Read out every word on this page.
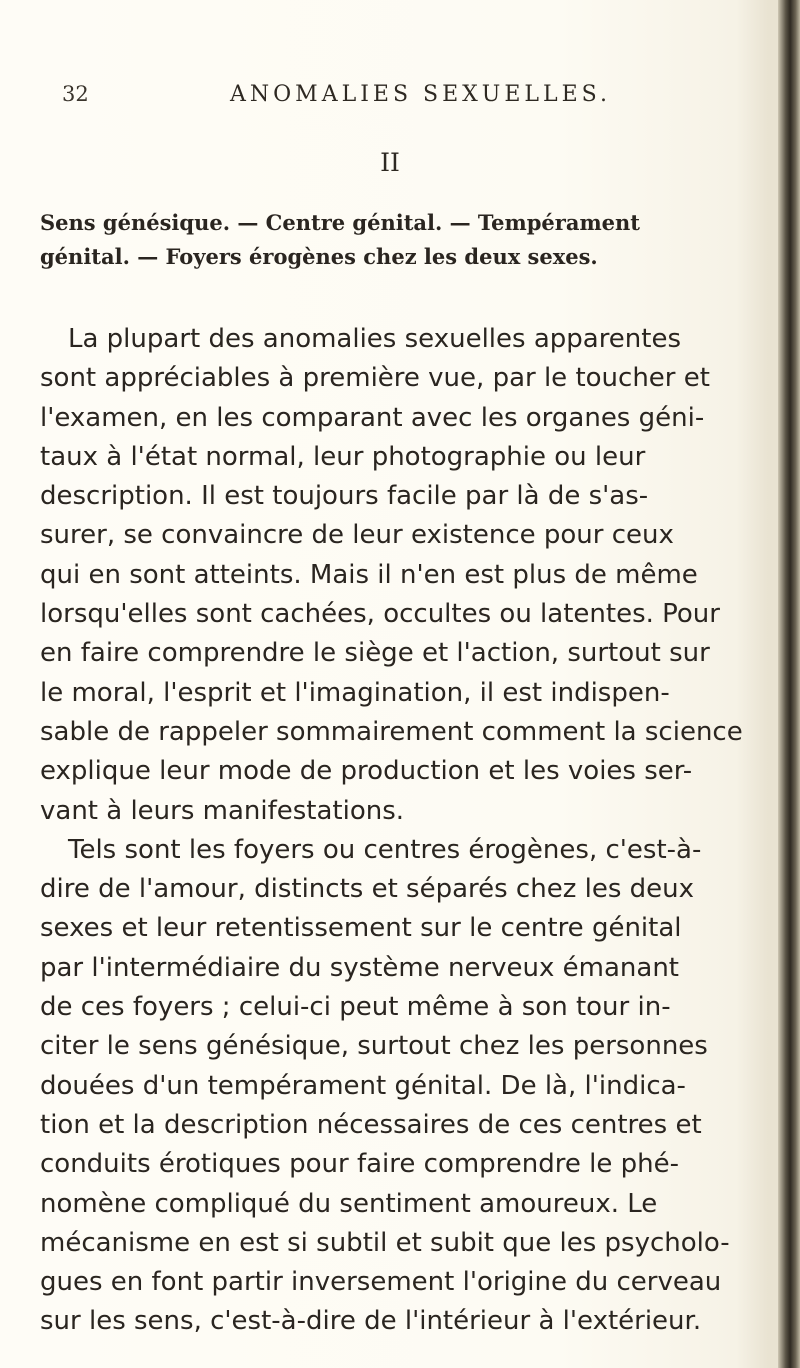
32	ANOMALIES SEXUELLES.
II
Sens génésique. — Centre génital. — Tempérament
génital. — Foyers érogènes chez les deux sexes.
La plupart des anomalies sexuelles apparentes
sont appréciables à première vue, par le toucher et
l'examen, en les comparant avec les organes géni-
taux à l'état normal, leur photographie ou leur
description. Il est toujours facile par là de s'as-
surer, se convaincre de leur existence pour ceux
qui en sont atteints. Mais il n'en est plus de même
lorsqu'elles sont cachées, occultes ou latentes. Pour
en faire comprendre le siège et l'action, surtout sur
le moral, l'esprit et l'imagination, il est indispen-
sable de rappeler sommairement comment la science
explique leur mode de production et les voies ser-
vant à leurs manifestations.
Tels sont les foyers ou centres érogènes, c'est-à-
dire de l'amour, distincts et séparés chez les deux
sexes et leur retentissement sur le centre génital
par l'intermédiaire du système nerveux émanant
de ces foyers ; celui-ci peut même à son tour in-
citer le sens génésique, surtout chez les personnes
douées d'un tempérament génital. De là, l'indica-
tion et la description nécessaires de ces centres et
conduits érotiques pour faire comprendre le phé-
nomène compliqué du sentiment amoureux. Le
mécanisme en est si subtil et subit que les psycholo-
gues en font partir inversement l'origine du cerveau
sur les sens, c'est-à-dire de l'intérieur à l'extérieur.
